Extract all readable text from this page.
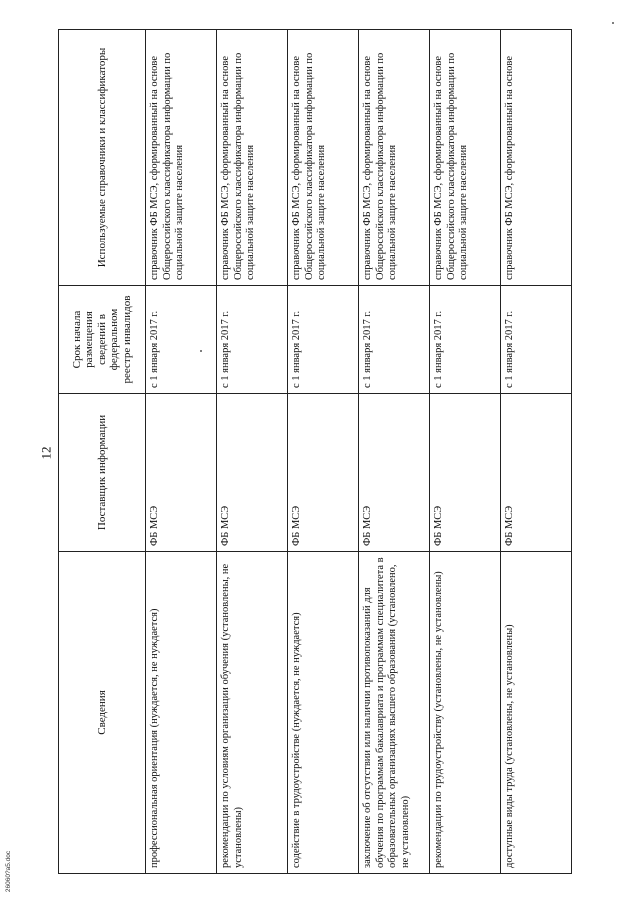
12
26060?a5.doc
Сведения	Поставщик информации	Срок начала размещения сведений в федеральном реестре инвалидов	Используемые справочники и классификаторы
профессиональная ориентация (нуждается, не нуждается)	ФБ МСЭ	с 1 января 2017 г.	справочник ФБ МСЭ, сформированный на основе Общероссийского классификатора информации по социальной защите населения
рекомендации по условиям организации обучения (установлены, не установлены)	ФБ МСЭ	с 1 января 2017 г.	справочник ФБ МСЭ, сформированный на основе Общероссийского классификатора информации по социальной защите населения
содействие в трудоустройстве (нуждается, не нуждается)	ФБ МСЭ	с 1 января 2017 г.	справочник ФБ МСЭ, сформированный на основе Общероссийского классификатора информации по социальной защите населения
заключение об отсутствии или наличии противопоказаний для обучения по программам бакалавриата и программам специалитета в образовательных организациях высшего образования (установлено, не установлено)	ФБ МСЭ	с 1 января 2017 г.	справочник ФБ МСЭ, сформированный на основе Общероссийского классификатора информации по социальной защите населения
рекомендации по трудоустройству (установлены, не установлены)	ФБ МСЭ	с 1 января 2017 г.	справочник ФБ МСЭ, сформированный на основе Общероссийского классификатора информации по социальной защите населения
доступные виды труда (установлены, не установлены)	ФБ МСЭ	с 1 января 2017 г.	справочник ФБ МСЭ, сформированный на основе
